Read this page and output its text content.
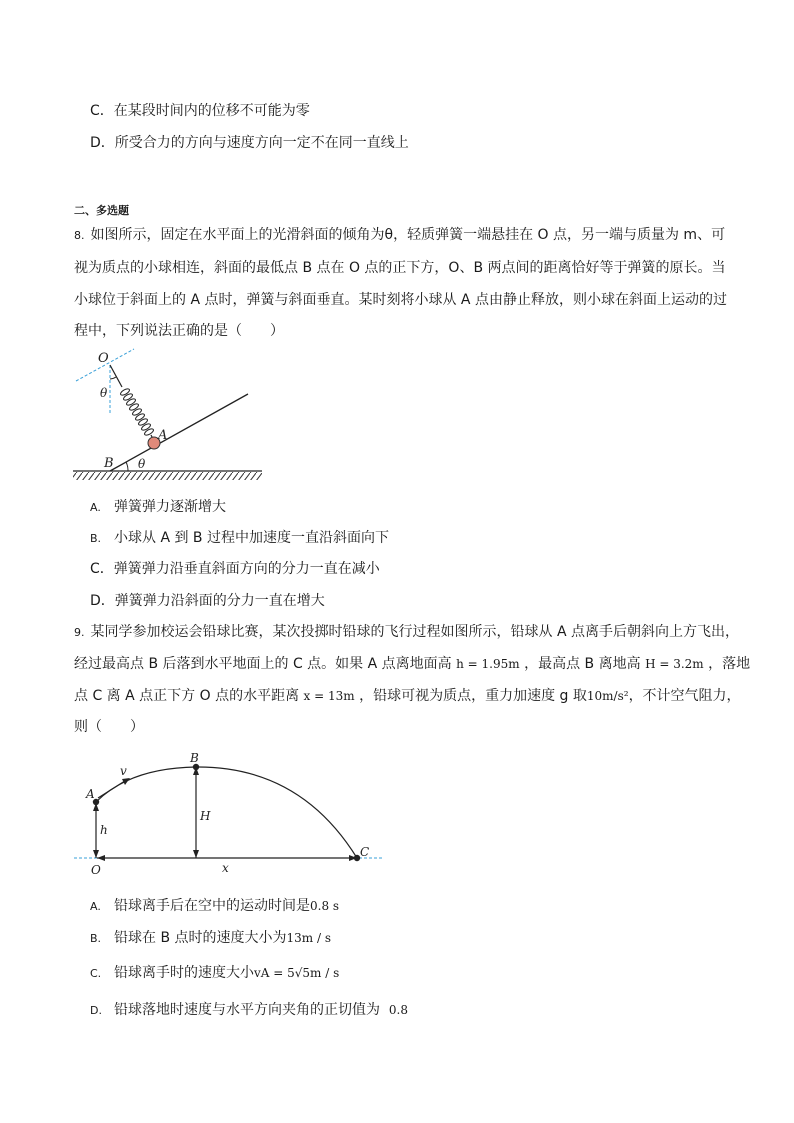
C．在某段时间内的位移不可能为零
D．所受合力的方向与速度方向一定不在同一直线上
二、多选题
8. 如图所示，固定在水平面上的光滑斜面的倾角为θ，轻质弹簧一端悬挂在 O 点，另一端与质量为 m、可
视为质点的小球相连，斜面的最低点 B 点在 O 点的正下方，O、B 两点间的距离恰好等于弹簧的原长。当
小球位于斜面上的 A 点时，弹簧与斜面垂直。某时刻将小球从 A 点由静止释放，则小球在斜面上运动的过
程中，下列说法正确的是（　　）
O
θ
A
B θ
A. 弹簧弹力逐渐增大
B. 小球从 A 到 B 过程中加速度一直沿斜面向下
C．弹簧弹力沿垂直斜面方向的分力一直在减小
D．弹簧弹力沿斜面的分力一直在增大
9. 某同学参加校运会铅球比赛，某次投掷时铅球的飞行过程如图所示，铅球从 A 点离手后朝斜向上方飞出，
经过最高点 B 后落到水平地面上的 C 点。如果 A 点离地面高 h = 1.95m ，最高点 B 离地高 H = 3.2m ，落地
点 C 离 A 点正下方 O 点的水平距离 x = 13m ，铅球可视为质点，重力加速度 g 取10m/s²，不计空气阻力，
则（　　）
A
v
B
h
H
C
O	x
A. 铅球离手后在空中的运动时间是0.8 s
B. 铅球在 B 点时的速度大小为13m / s
C. 铅球离手时的速度大小vA = 5√5m / s
D. 铅球落地时速度与水平方向夹角的正切值为 0.8
